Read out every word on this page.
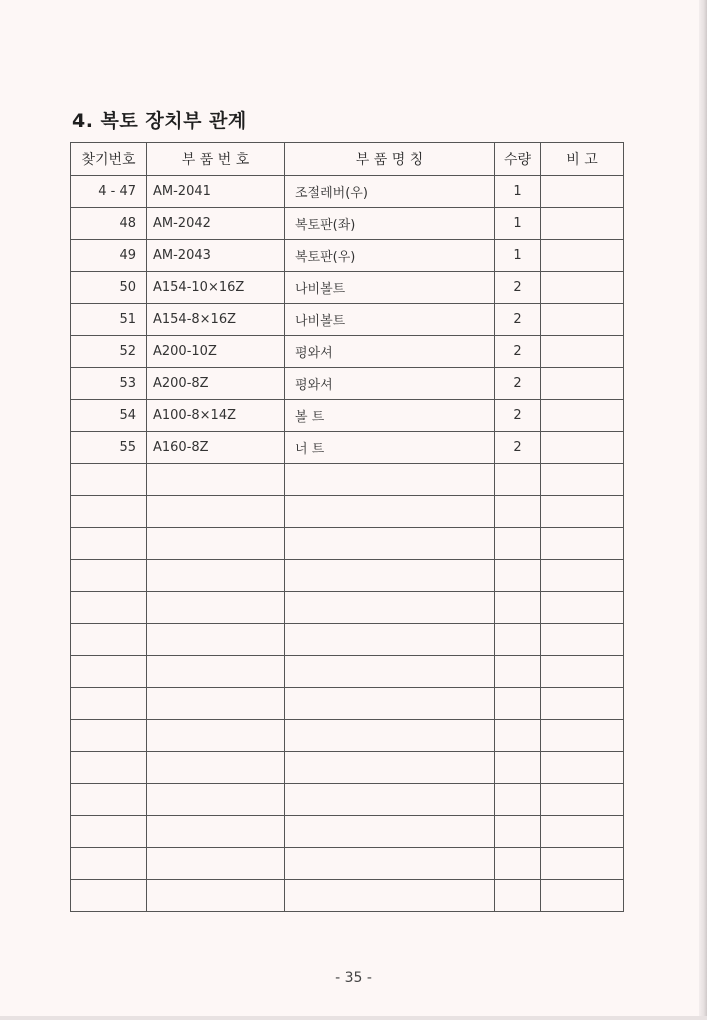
4. 복토 장치부 관계
찾기번호	부 품 번 호	부 품 명 칭	수량	비 고
4 - 47	AM-2041	조절레버(우)	1	
48	AM-2042	복토판(좌)	1	
49	AM-2043	복토판(우)	1	
50	A154-10×16Z	나비볼트	2	
51	A154-8×16Z	나비볼트	2	
52	A200-10Z	평와셔	2	
53	A200-8Z	평와셔	2	
54	A100-8×14Z	볼 트	2	
55	A160-8Z	너 트	2	

- 35 -
